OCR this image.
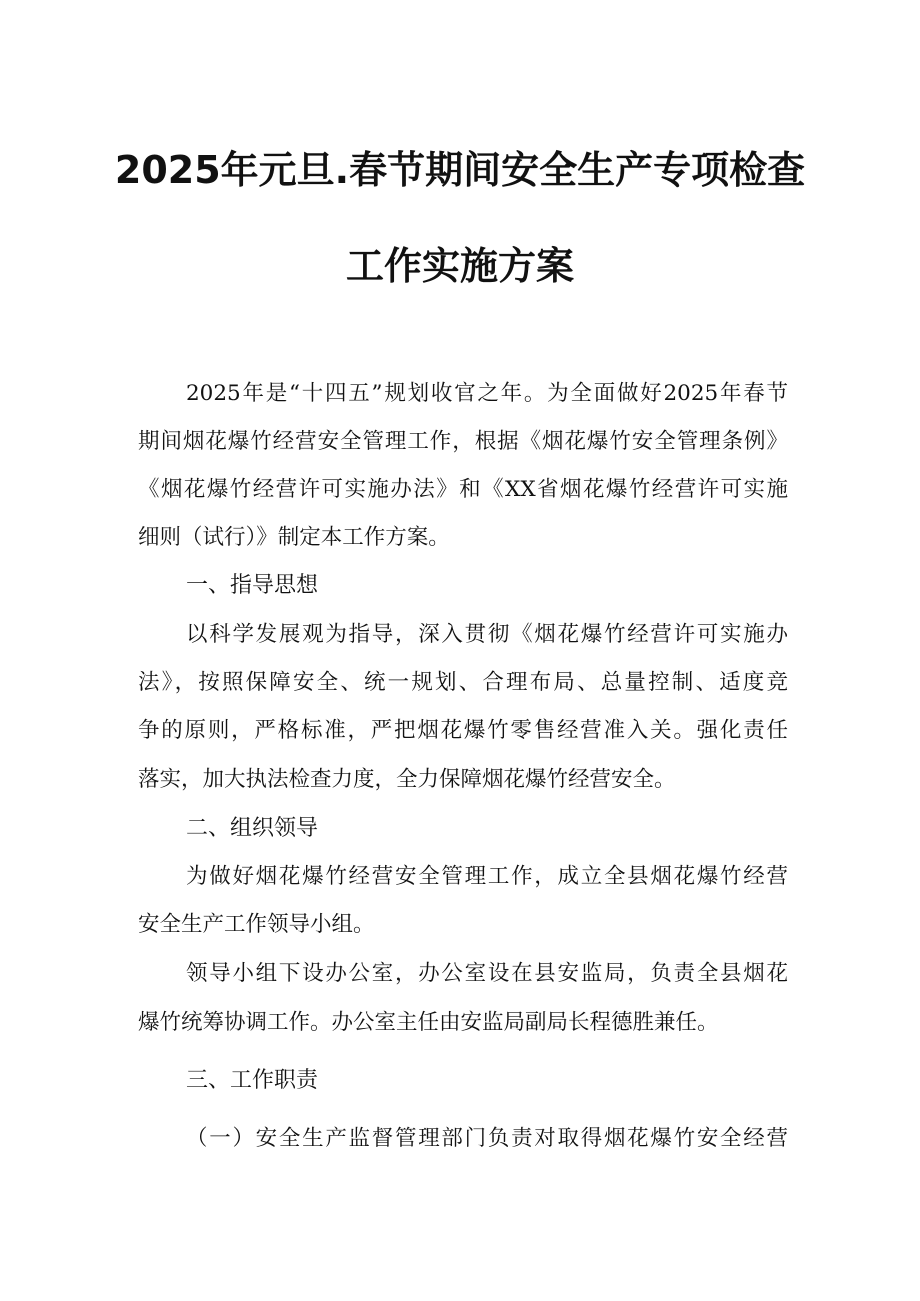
2025年元旦.春节期间安全生产专项检查
工作实施方案
2025年是“十四五”规划收官之年。为全面做好2025年春节
期间烟花爆竹经营安全管理工作，根据《烟花爆竹安全管理条例》
《烟花爆竹经营许可实施办法》和《XX省烟花爆竹经营许可实施
细则（试行）》制定本工作方案。
一、指导思想
以科学发展观为指导，深入贯彻《烟花爆竹经营许可实施办
法》，按照保障安全、统一规划、合理布局、总量控制、适度竞
争的原则，严格标准，严把烟花爆竹零售经营准入关。强化责任
落实，加大执法检查力度，全力保障烟花爆竹经营安全。
二、组织领导
为做好烟花爆竹经营安全管理工作，成立全县烟花爆竹经营
安全生产工作领导小组。
领导小组下设办公室，办公室设在县安监局，负责全县烟花
爆竹统筹协调工作。办公室主任由安监局副局长程德胜兼任。
三、工作职责
（一）安全生产监督管理部门负责对取得烟花爆竹安全经营
